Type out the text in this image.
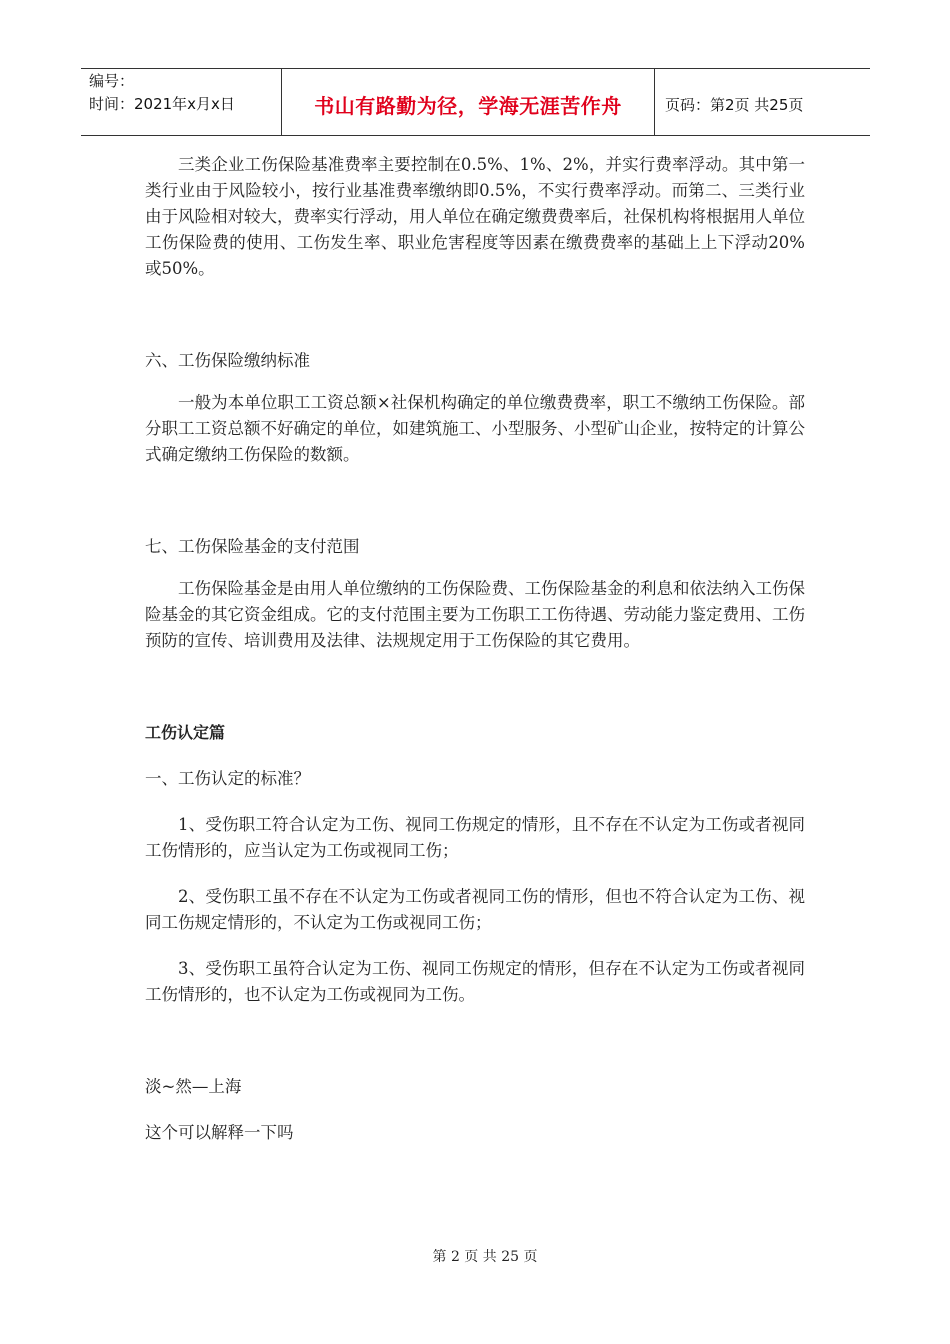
编号：
时间：2021年x月x日	书山有路勤为径，学海无涯苦作舟	页码：第2页 共25页

三类企业工伤保险基准费率主要控制在0.5%、1%、2%，并实行费率浮动。其中第一类行业由于风险较小，按行业基准费率缴纳即0.5%，不实行费率浮动。而第二、三类行业由于风险相对较大，费率实行浮动，用人单位在确定缴费费率后，社保机构将根据用人单位工伤保险费的使用、工伤发生率、职业危害程度等因素在缴费费率的基础上上下浮动20%或50%。

六、工伤保险缴纳标准

一般为本单位职工工资总额×社保机构确定的单位缴费费率，职工不缴纳工伤保险。部分职工工资总额不好确定的单位，如建筑施工、小型服务、小型矿山企业，按特定的计算公式确定缴纳工伤保险的数额。

七、工伤保险基金的支付范围

工伤保险基金是由用人单位缴纳的工伤保险费、工伤保险基金的利息和依法纳入工伤保险基金的其它资金组成。它的支付范围主要为工伤职工工伤待遇、劳动能力鉴定费用、工伤预防的宣传、培训费用及法律、法规规定用于工伤保险的其它费用。

工伤认定篇

一、工伤认定的标准？

1、受伤职工符合认定为工伤、视同工伤规定的情形，且不存在不认定为工伤或者视同工伤情形的，应当认定为工伤或视同工伤；

2、受伤职工虽不存在不认定为工伤或者视同工伤的情形，但也不符合认定为工伤、视同工伤规定情形的，不认定为工伤或视同工伤；

3、受伤职工虽符合认定为工伤、视同工伤规定的情形，但存在不认定为工伤或者视同工伤情形的，也不认定为工伤或视同为工伤。

淡~然—上海

这个可以解释一下吗

第 2 页 共 25 页
